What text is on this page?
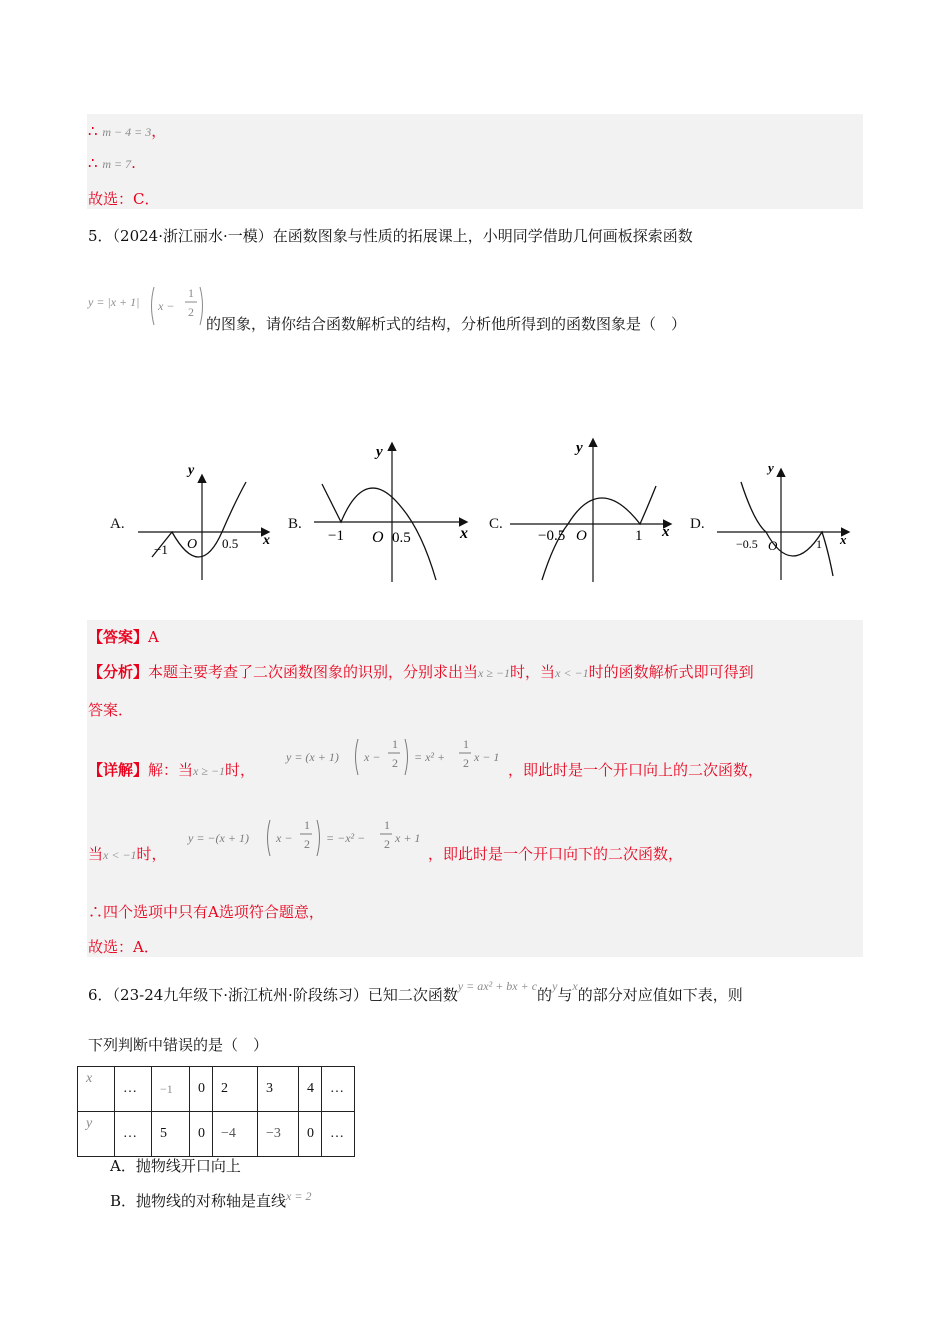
∴ m − 4 = 3，
∴ m = 7.
故选：C．
5．（2024·浙江丽水·一模）在函数图象与性质的拓展课上，小明同学借助几何画板探索函数
y = |x + 1| x −
1
2
的图象，请你结合函数解析式的结构，分析他所得到的函数图象是（　）
A.
y
x
−1 O 0.5
B.
y
x
−1 O 0.5
C.
y
x
−0.5 O	1
D.
y
x
−0.5 O	1
【答案】A
【分析】本题主要考查了二次函数图象的识别，分别求出当x ≥ −1时，当x < −1时的函数解析式即可得到
答案．
【详解】解：当x ≥ −1时，
y = (x + 1) x −
1
2 = x² +
1
2 x − 1
，即此时是一个开口向上的二次函数，
当x < −1时，
y = −(x + 1) x −
1
2 = −x² −
1
2 x + 1
，即此时是一个开口向下的二次函数，
∴四个选项中只有A选项符合题意，
故选：A．
6．（23-24九年级下·浙江杭州·阶段练习）已知二次函数$^{y = ax^2 + bx + c}$的$^y$与$^x$的部分对应值如下表，则
下列判断中错误的是（　）
x	…	−1	0	2	3	4	…
y	…	5	0	−4	−3	0	…
A．抛物线开口向上
B．抛物线的对称轴是直线$^{x = 2}$
